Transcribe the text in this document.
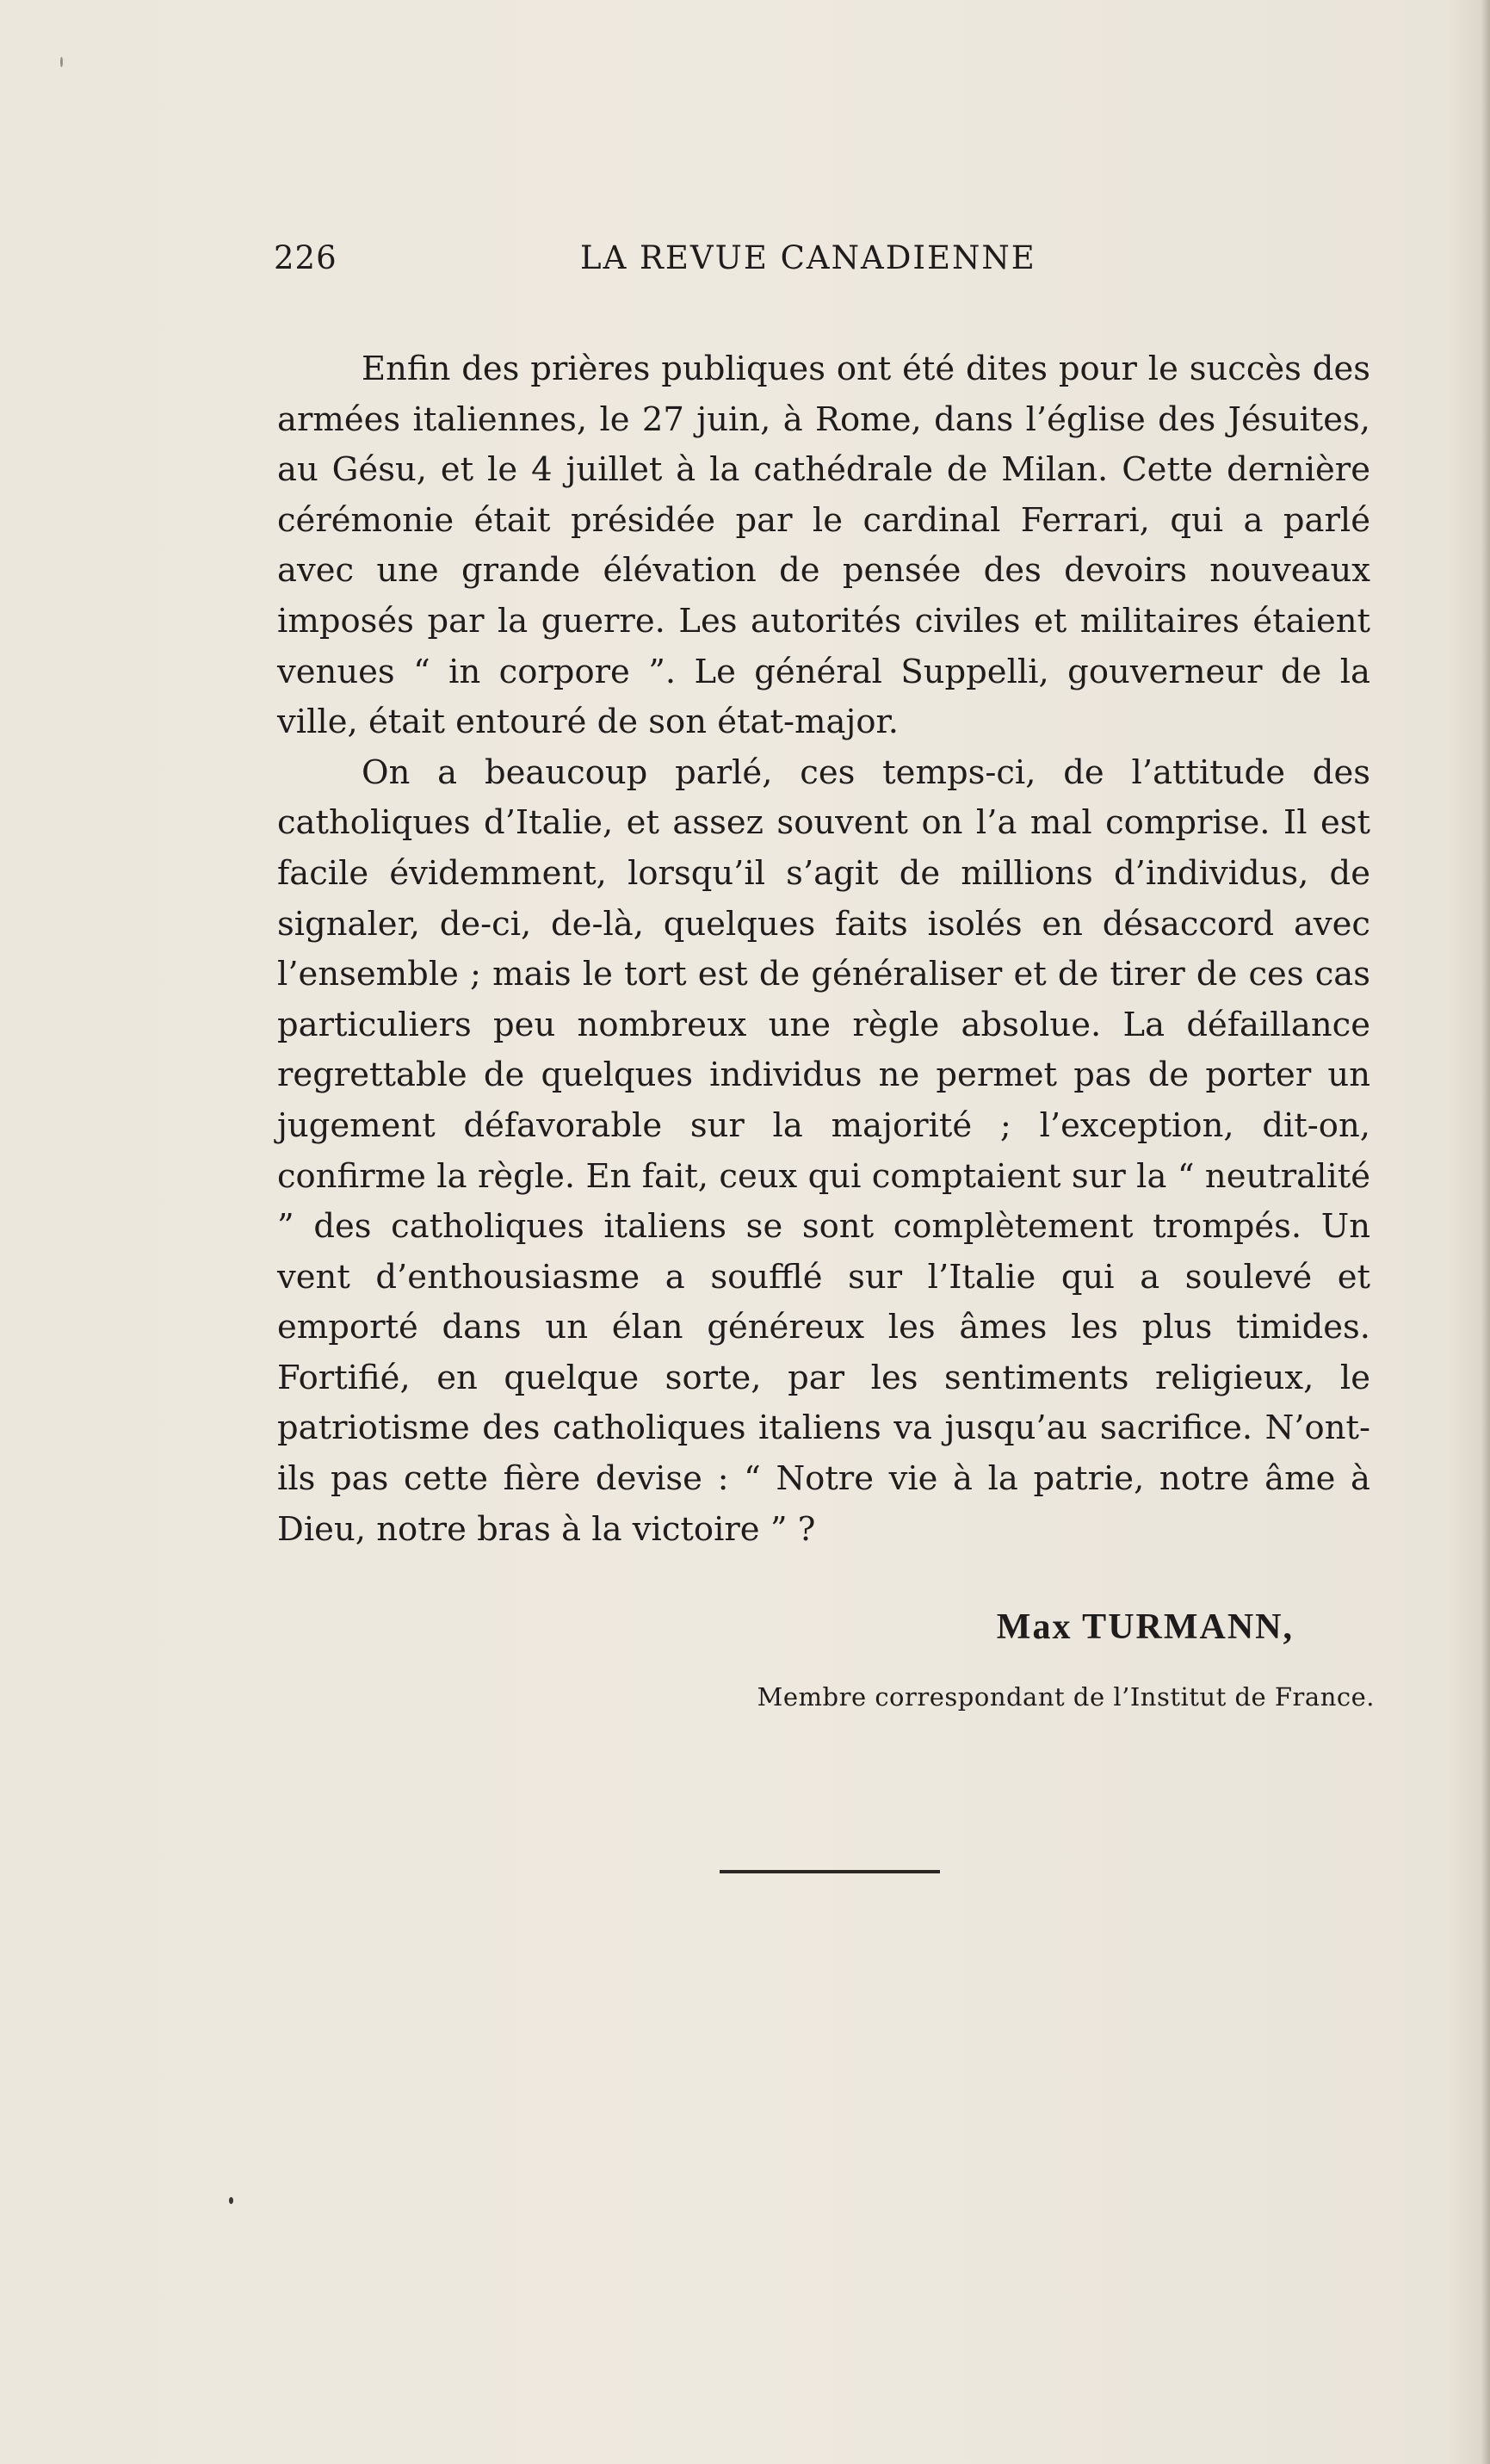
226	LA REVUE CANADIENNE

Enfin des prières publiques ont été dites pour le succès des armées italiennes, le 27 juin, à Rome, dans l’église des Jésuites, au Gésu, et le 4 juillet à la cathédrale de Milan. Cette dernière cérémonie était présidée par le cardinal Ferrari, qui a parlé avec une grande élévation de pensée des devoirs nouveaux imposés par la guerre. Les autorités civiles et militaires étaient venues “ in corpore ”. Le général Suppelli, gouverneur de la ville, était entouré de son état-major.

On a beaucoup parlé, ces temps-ci, de l’attitude des catholiques d’Italie, et assez souvent on l’a mal comprise. Il est facile évidemment, lorsqu’il s’agit de millions d’individus, de signaler, de-ci, de-là, quelques faits isolés en désaccord avec l’ensemble ; mais le tort est de généraliser et de tirer de ces cas particuliers peu nombreux une règle absolue. La défaillance regrettable de quelques individus ne permet pas de porter un jugement défavorable sur la majorité ; l’exception, dit-on, confirme la règle. En fait, ceux qui comptaient sur la “ neutralité ” des catholiques italiens se sont complètement trompés. Un vent d’enthousiasme a soufflé sur l’Italie qui a soulevé et emporté dans un élan généreux les âmes les plus timides. Fortifié, en quelque sorte, par les sentiments religieux, le patriotisme des catholiques italiens va jusqu’au sacrifice. N’ont-ils pas cette fière devise : “ Notre vie à la patrie, notre âme à Dieu, notre bras à la victoire ” ?

Max TURMANN,
Membre correspondant de l’Institut de France.
